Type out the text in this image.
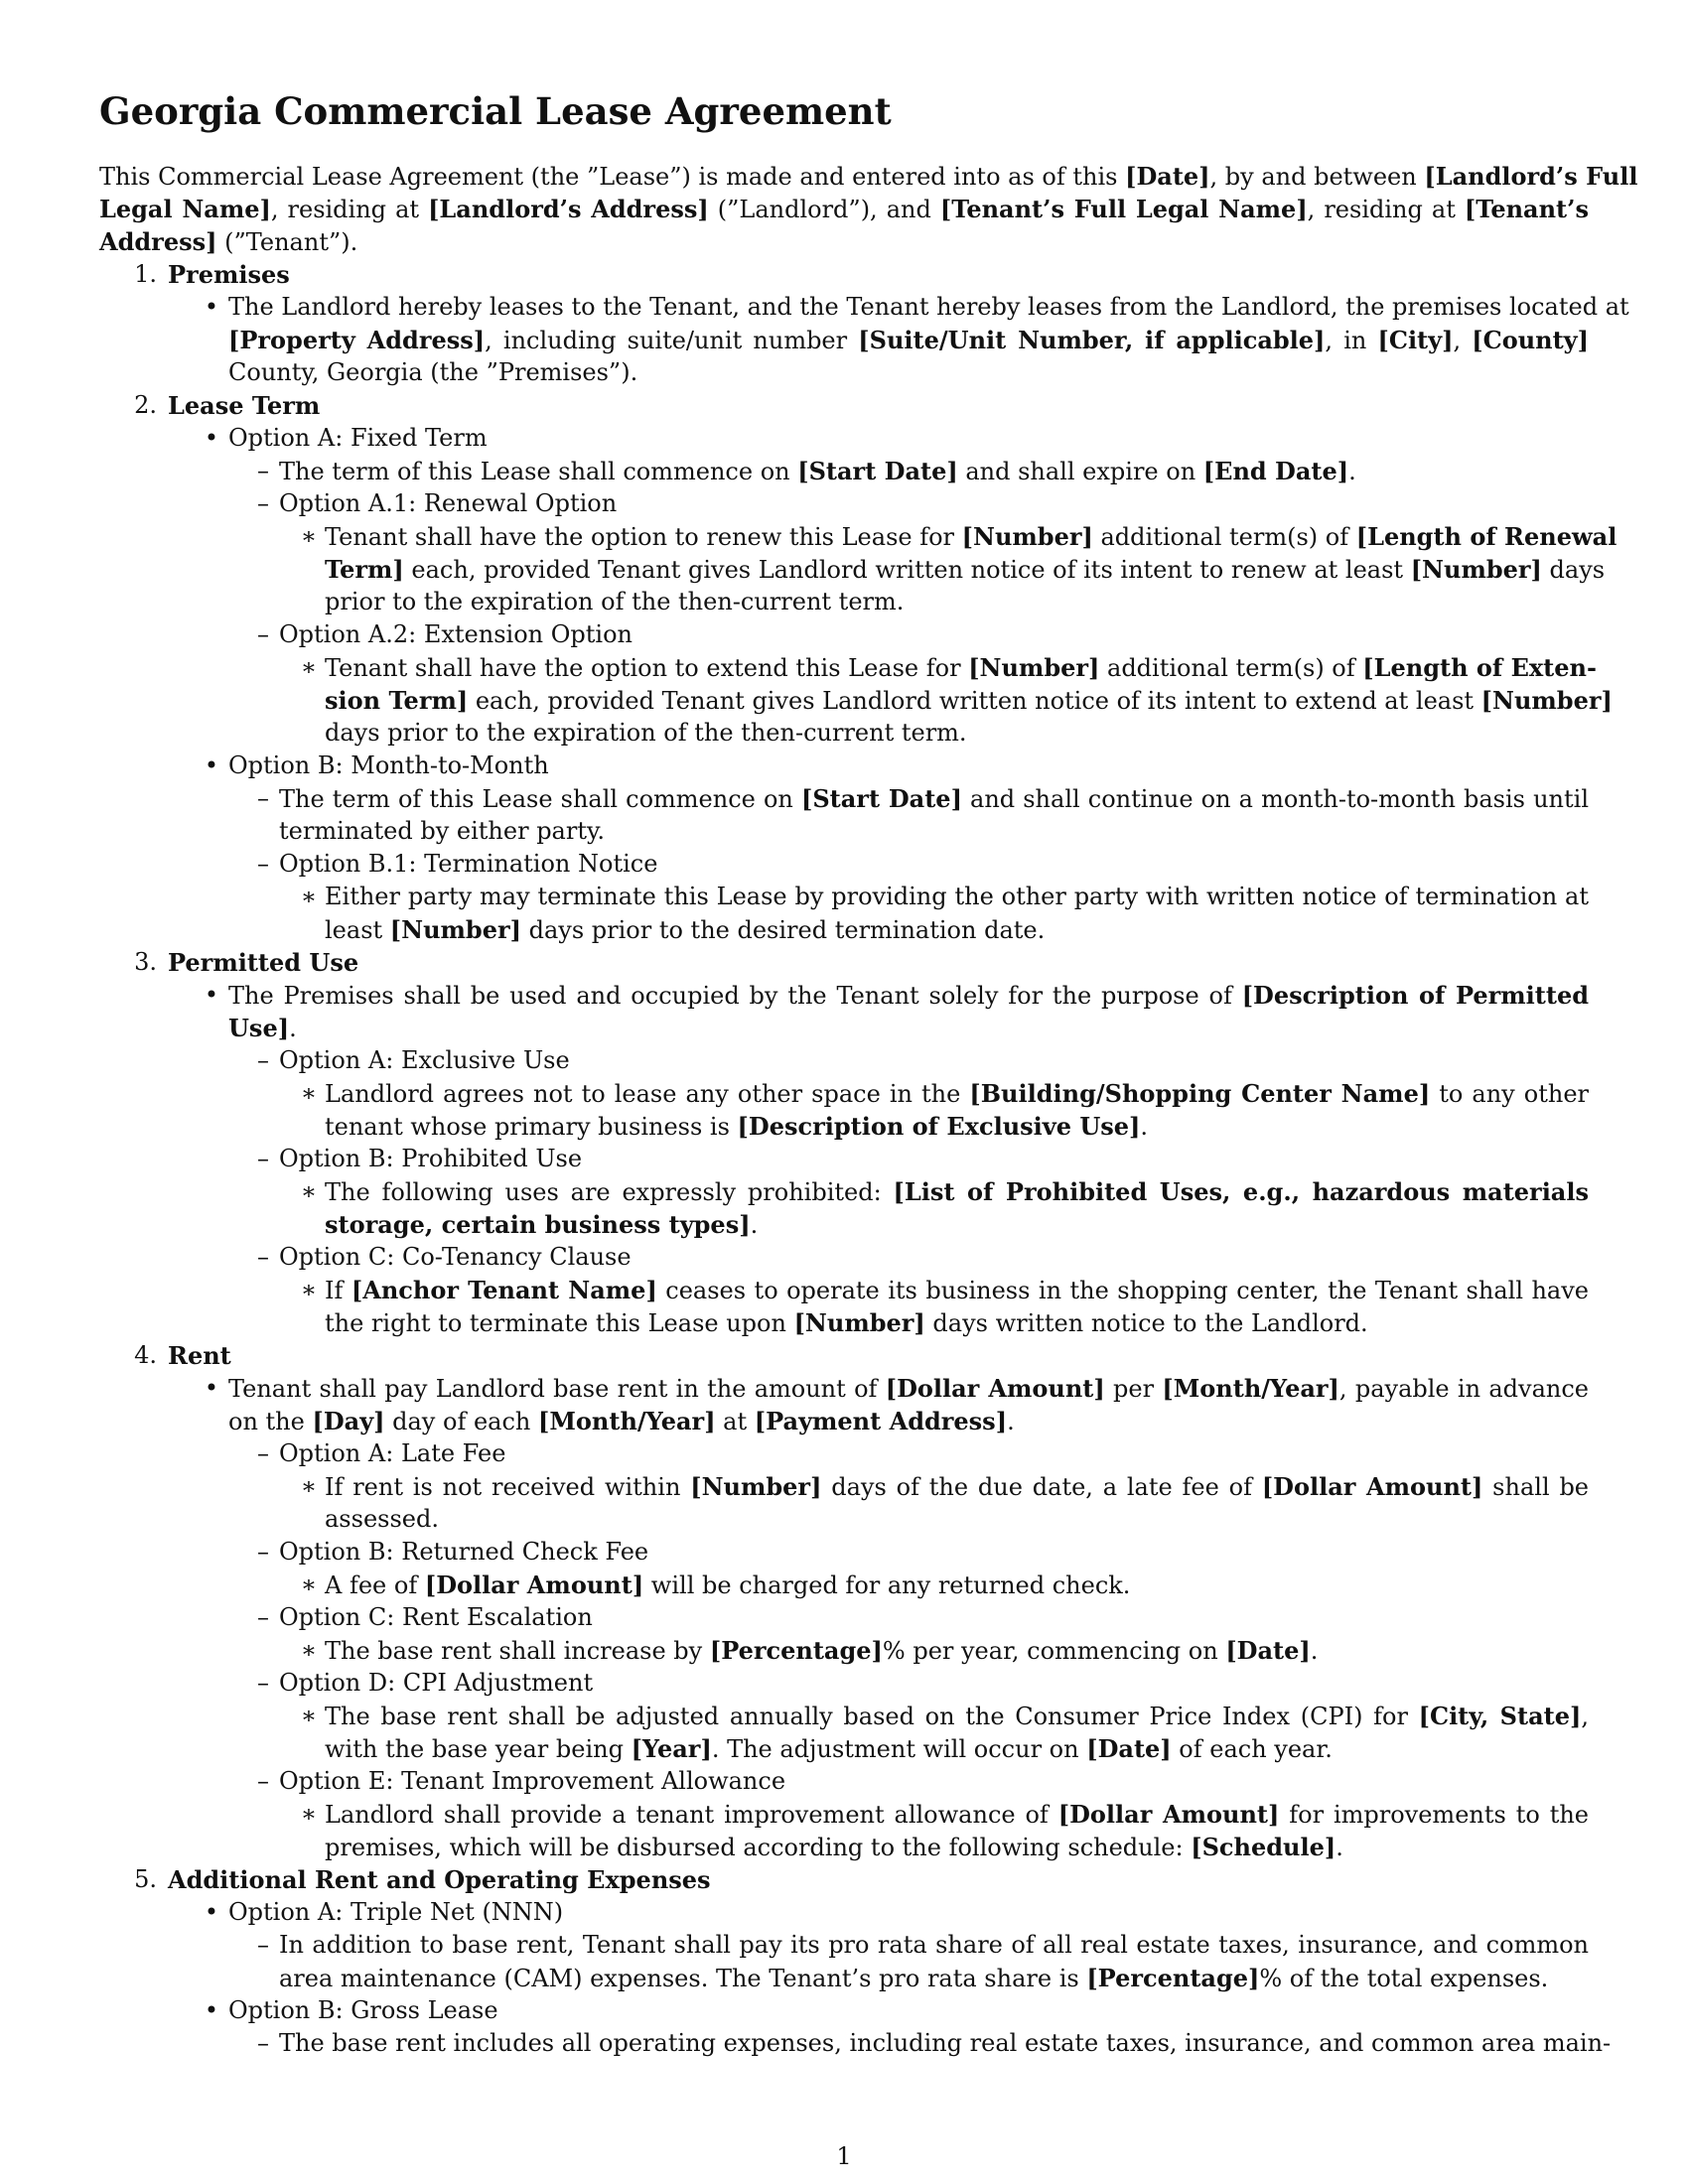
Georgia Commercial Lease Agreement
This Commercial Lease Agreement (the ”Lease”) is made and entered into as of this [Date], by and between [Landlord’s Full
Legal Name], residing at [Landlord’s Address] (”Landlord”), and [Tenant’s Full Legal Name], residing at [Tenant’s
Address] (”Tenant”).
Premises
1.
The Landlord hereby leases to the Tenant, and the Tenant hereby leases from the Landlord, the premises located at
•
[Property Address], including suite/unit number [Suite/Unit Number, if applicable], in [City], [County]
County, Georgia (the ”Premises”).
Lease Term
2.
Option A: Fixed Term
•
The term of this Lease shall commence on [Start Date] and shall expire on [End Date].
–
Option A.1: Renewal Option
–
Tenant shall have the option to renew this Lease for [Number] additional term(s) of [Length of Renewal
∗
Term] each, provided Tenant gives Landlord written notice of its intent to renew at least [Number] days
prior to the expiration of the then-current term.
Option A.2: Extension Option
–
Tenant shall have the option to extend this Lease for [Number] additional term(s) of [Length of Exten-
∗
sion Term] each, provided Tenant gives Landlord written notice of its intent to extend at least [Number]
days prior to the expiration of the then-current term.
Option B: Month-to-Month
•
The term of this Lease shall commence on [Start Date] and shall continue on a month-to-month basis until
–
terminated by either party.
Option B.1: Termination Notice
–
Either party may terminate this Lease by providing the other party with written notice of termination at
∗
least [Number] days prior to the desired termination date.
Permitted Use
3.
The Premises shall be used and occupied by the Tenant solely for the purpose of [Description of Permitted
•
Use].
Option A: Exclusive Use
–
Landlord agrees not to lease any other space in the [Building/Shopping Center Name] to any other
∗
tenant whose primary business is [Description of Exclusive Use].
Option B: Prohibited Use
–
The following uses are expressly prohibited: [List of Prohibited Uses, e.g., hazardous materials
∗
storage, certain business types].
Option C: Co-Tenancy Clause
–
If [Anchor Tenant Name] ceases to operate its business in the shopping center, the Tenant shall have
∗
the right to terminate this Lease upon [Number] days written notice to the Landlord.
Rent
4.
Tenant shall pay Landlord base rent in the amount of [Dollar Amount] per [Month/Year], payable in advance
•
on the [Day] day of each [Month/Year] at [Payment Address].
Option A: Late Fee
–
If rent is not received within [Number] days of the due date, a late fee of [Dollar Amount] shall be
∗
assessed.
Option B: Returned Check Fee
–
A fee of [Dollar Amount] will be charged for any returned check.
∗
Option C: Rent Escalation
–
The base rent shall increase by [Percentage]% per year, commencing on [Date].
∗
Option D: CPI Adjustment
–
The base rent shall be adjusted annually based on the Consumer Price Index (CPI) for [City, State],
∗
with the base year being [Year]. The adjustment will occur on [Date] of each year.
Option E: Tenant Improvement Allowance
–
Landlord shall provide a tenant improvement allowance of [Dollar Amount] for improvements to the
∗
premises, which will be disbursed according to the following schedule: [Schedule].
Additional Rent and Operating Expenses
5.
Option A: Triple Net (NNN)
•
In addition to base rent, Tenant shall pay its pro rata share of all real estate taxes, insurance, and common
–
area maintenance (CAM) expenses. The Tenant’s pro rata share is [Percentage]% of the total expenses.
Option B: Gross Lease
•
The base rent includes all operating expenses, including real estate taxes, insurance, and common area main-
–
1
